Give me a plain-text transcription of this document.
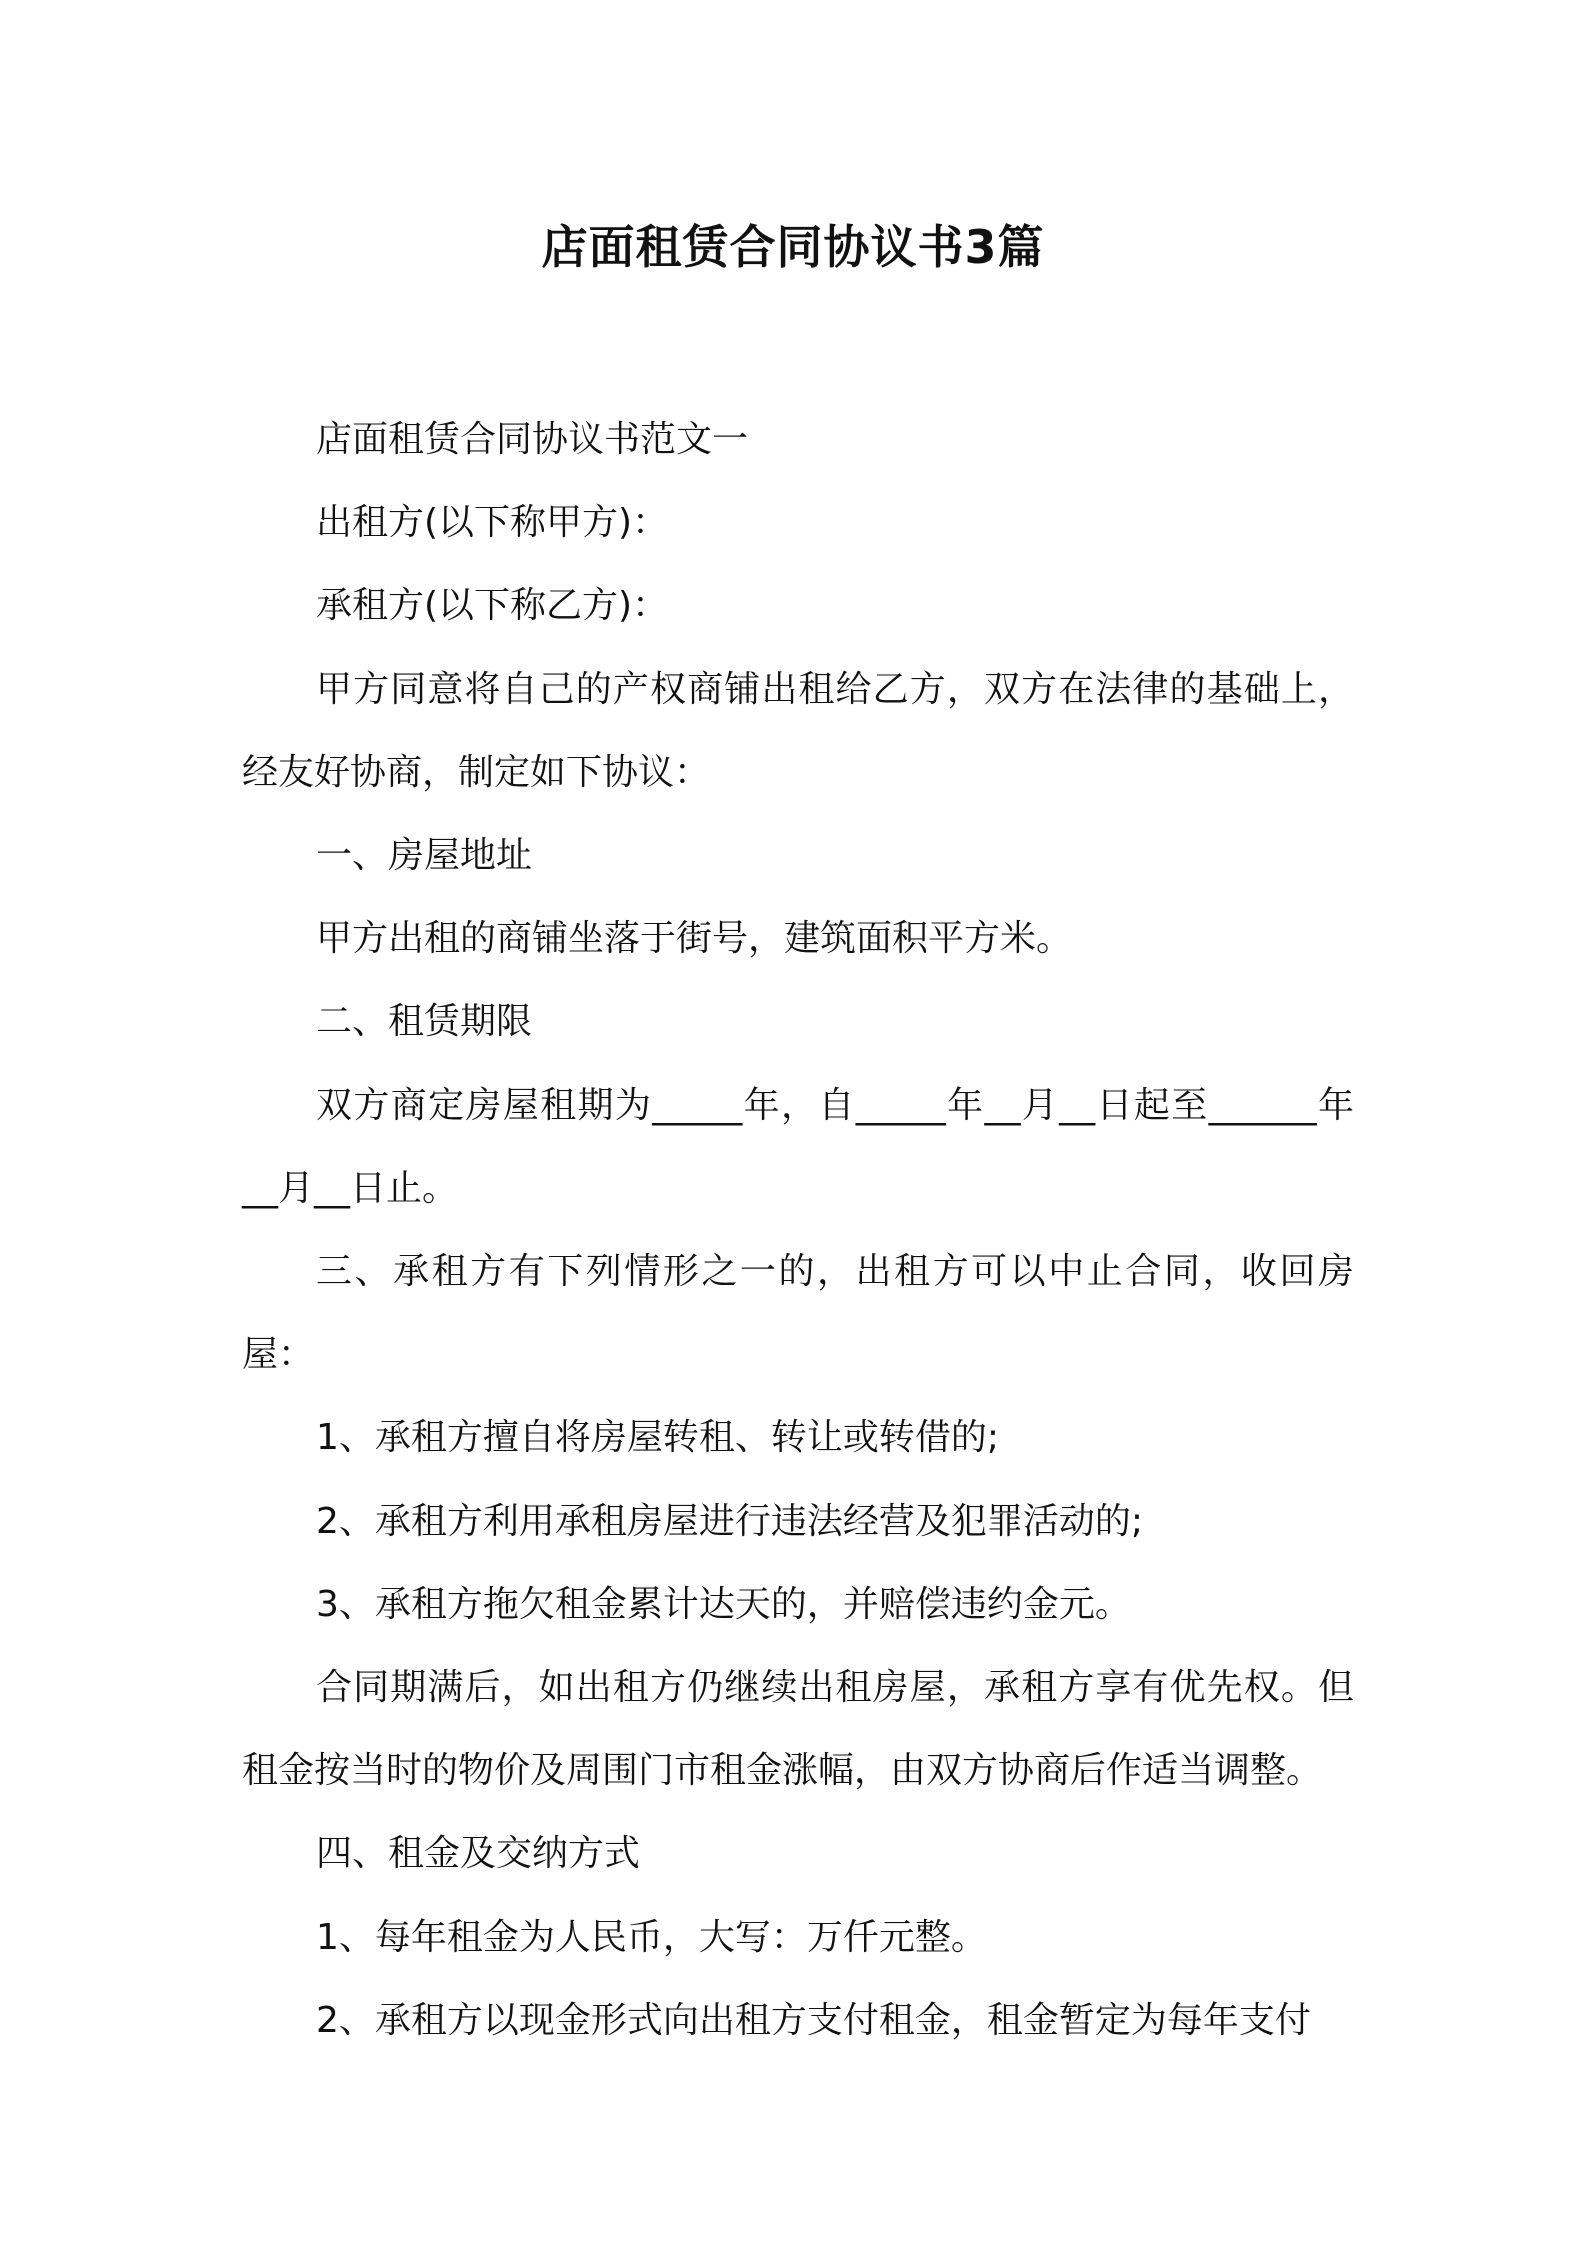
店面租赁合同协议书3篇

店面租赁合同协议书范文一

出租方(以下称甲方)：

承租方(以下称乙方)：

甲方同意将自己的产权商铺出租给乙方，双方在法律的基础上，经友好协商，制定如下协议：

一、房屋地址

甲方出租的商铺坐落于街号，建筑面积平方米。

二、租赁期限

双方商定房屋租期为_____年，自_____年__月__日起至______年__月__日止。

三、承租方有下列情形之一的，出租方可以中止合同，收回房屋：

1、承租方擅自将房屋转租、转让或转借的;

2、承租方利用承租房屋进行违法经营及犯罪活动的;

3、承租方拖欠租金累计达天的，并赔偿违约金元。

合同期满后，如出租方仍继续出租房屋，承租方享有优先权。但租金按当时的物价及周围门市租金涨幅，由双方协商后作适当调整。

四、租金及交纳方式

1、每年租金为人民币，大写：万仟元整。

2、承租方以现金形式向出租方支付租金，租金暂定为每年支付
